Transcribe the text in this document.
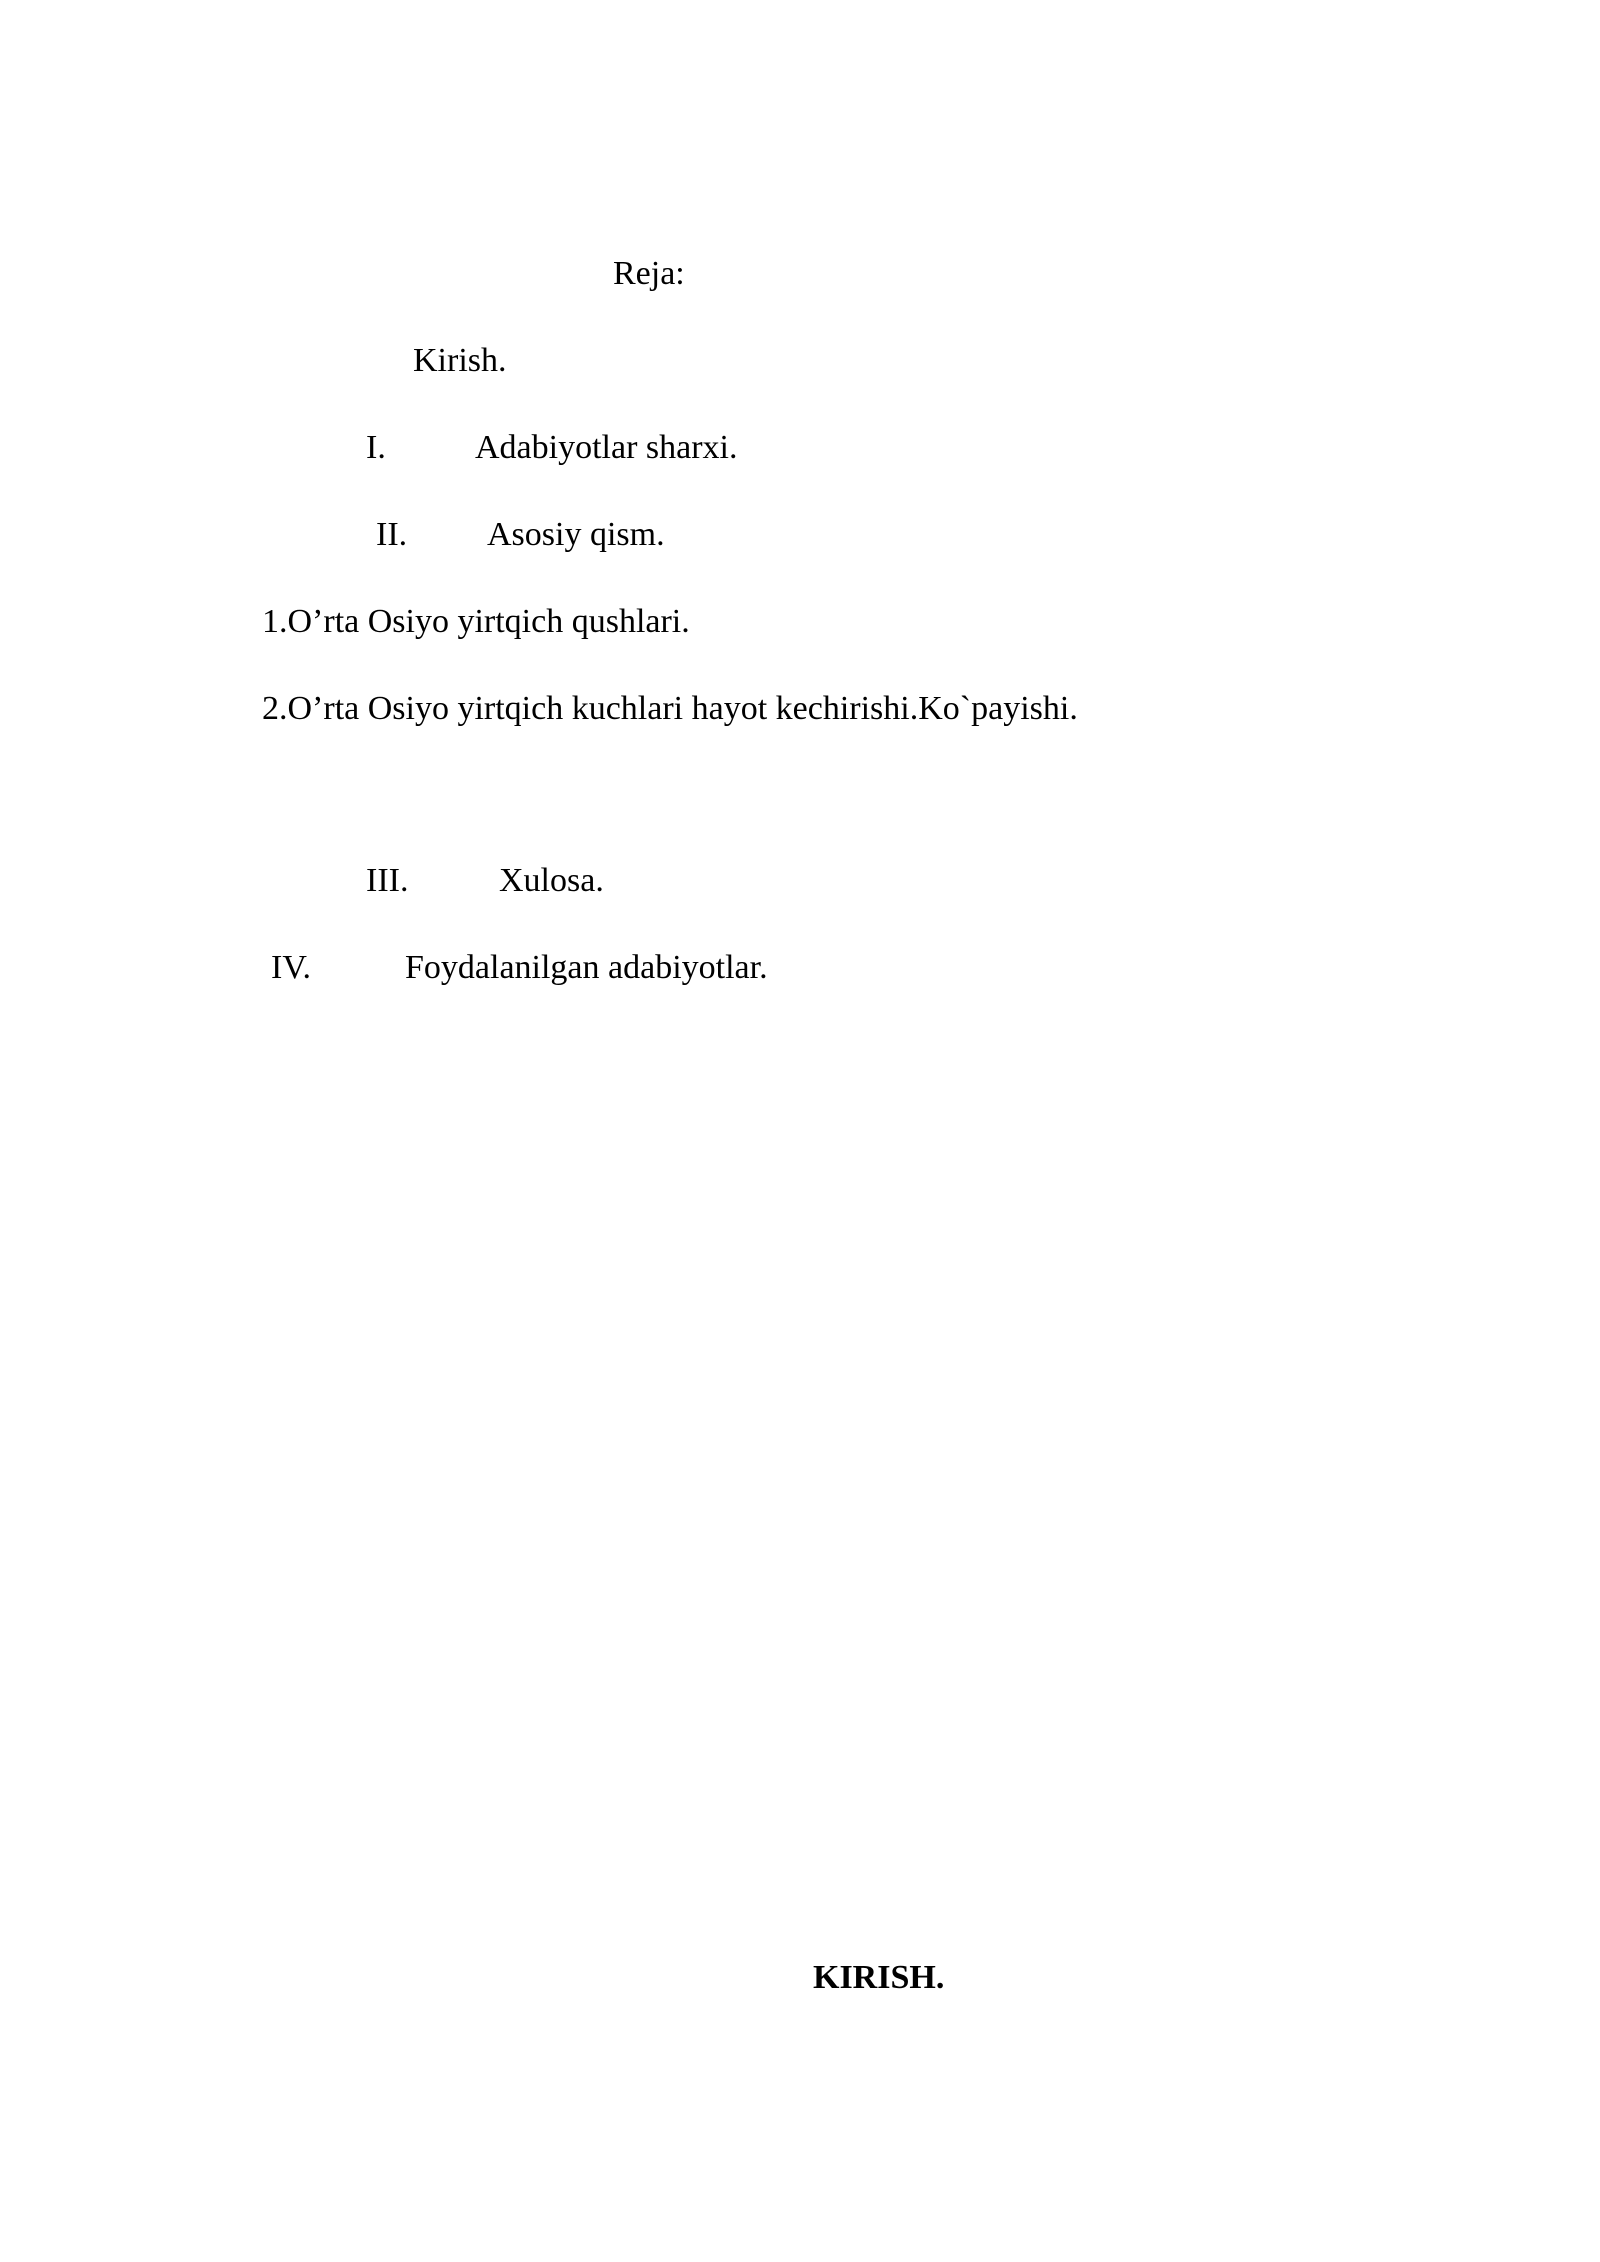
Reja:
Kirish.
I.	Adabiyotlar sharxi.
II. Asosiy qism.
1.O’rta Osiyo yirtqich qushlari.
2.O’rta Osiyo yirtqich kuchlari hayot kechirishi.Ko`payishi.
III.	Xulosa.
IV.	Foydalanilgan adabiyotlar.
KIRISH.
